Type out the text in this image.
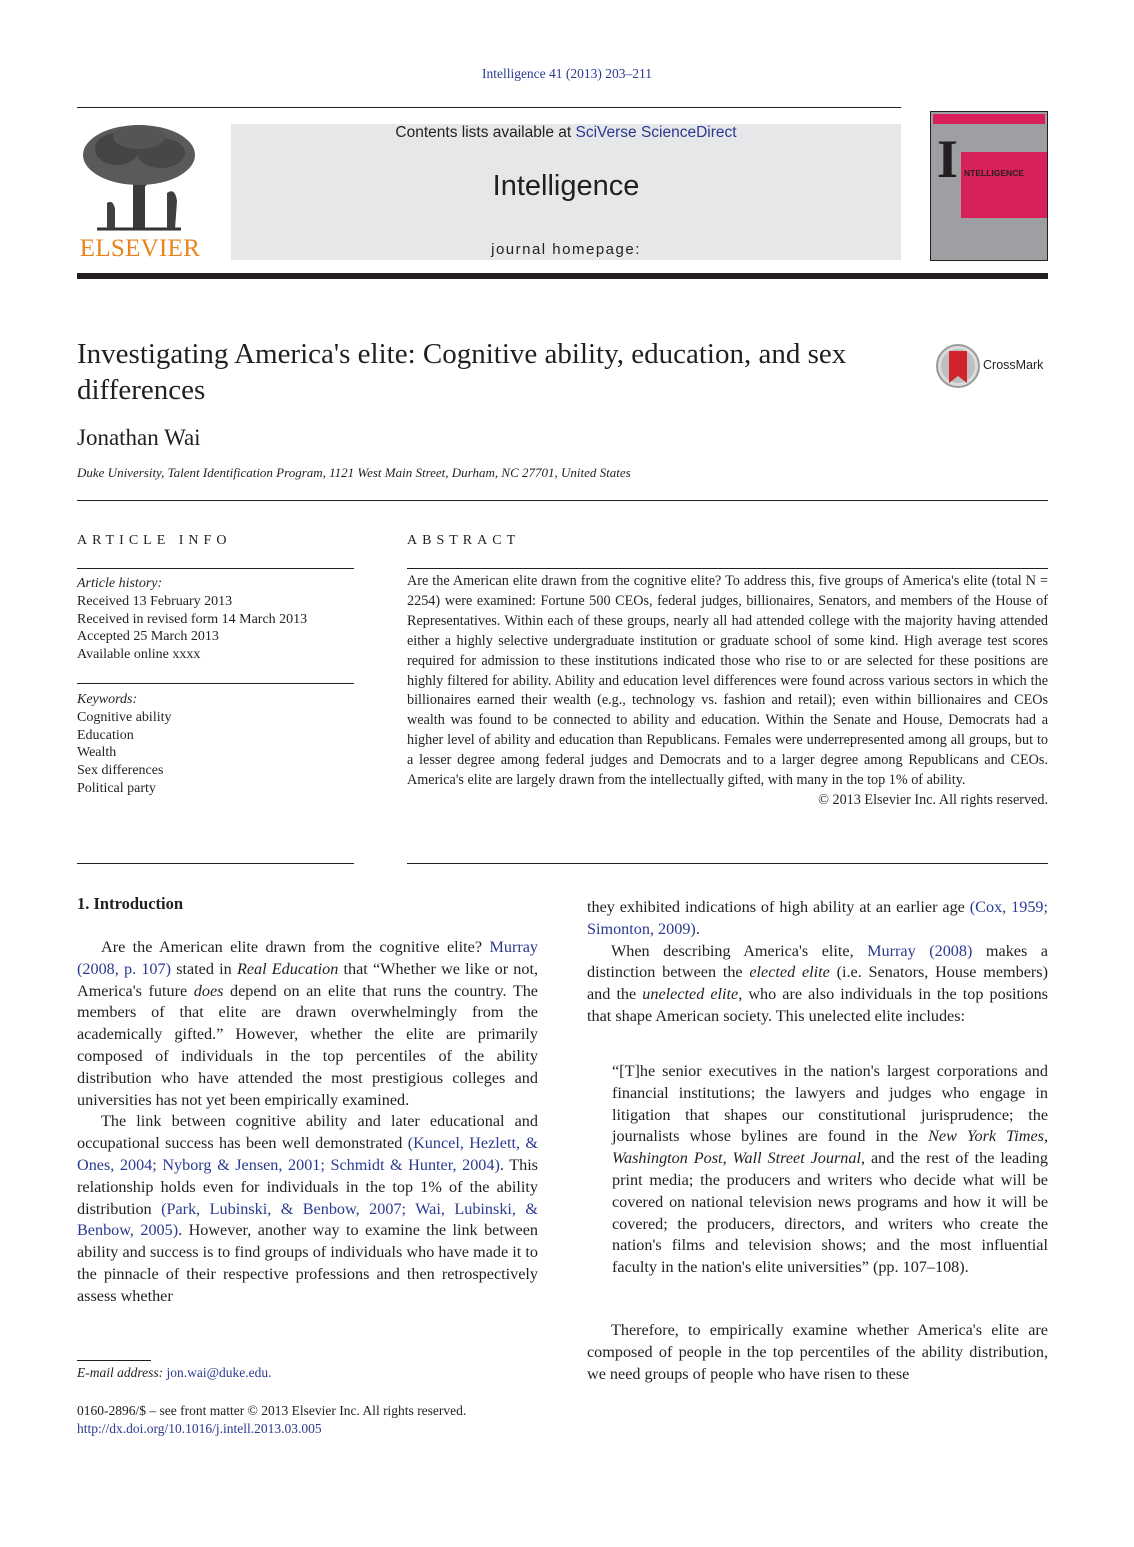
Intelligence 41 (2013) 203–211
ELSEVIER
Contents lists available at SciVerse ScienceDirect
Intelligence
journal homepage:
I NTELLIGENCE
Investigating America's elite: Cognitive ability, education, and sex differences
CrossMark
Jonathan Wai
Duke University, Talent Identification Program, 1121 West Main Street, Durham, NC 27701, United States
ARTICLE INFO
Article history:
Received 13 February 2013
Received in revised form 14 March 2013
Accepted 25 March 2013
Available online xxxx
Keywords:
Cognitive ability
Education
Wealth
Sex differences
Political party
ABSTRACT
Are the American elite drawn from the cognitive elite? To address this, five groups of America's elite (total N = 2254) were examined: Fortune 500 CEOs, federal judges, billionaires, Senators, and members of the House of Representatives. Within each of these groups, nearly all had attended college with the majority having attended either a highly selective undergraduate institution or graduate school of some kind. High average test scores required for admission to these institutions indicated those who rise to or are selected for these positions are highly filtered for ability. Ability and education level differences were found across various sectors in which the billionaires earned their wealth (e.g., technology vs. fashion and retail); even within billionaires and CEOs wealth was found to be connected to ability and education. Within the Senate and House, Democrats had a higher level of ability and education than Republicans. Females were underrepresented among all groups, but to a lesser degree among federal judges and Democrats and to a larger degree among Republicans and CEOs. America's elite are largely drawn from the intellectually gifted, with many in the top 1% of ability.
© 2013 Elsevier Inc. All rights reserved.
1. Introduction

Are the American elite drawn from the cognitive elite? Murray (2008, p. 107) stated in Real Education that “Whether we like or not, America's future does depend on an elite that runs the country. The members of that elite are drawn overwhelmingly from the academically gifted.” However, whether the elite are primarily composed of individuals in the top percentiles of the ability distribution who have attended the most prestigious colleges and universities has not yet been empirically examined.

The link between cognitive ability and later educational and occupational success has been well demonstrated (Kuncel, Hezlett, & Ones, 2004; Nyborg & Jensen, 2001; Schmidt & Hunter, 2004). This relationship holds even for individuals in the top 1% of the ability distribution (Park, Lubinski, & Benbow, 2007; Wai, Lubinski, & Benbow, 2005). However, another way to examine the link between ability and success is to find groups of individuals who have made it to the pinnacle of their respective professions and then retrospectively assess whether

they exhibited indications of high ability at an earlier age (Cox, 1959; Simonton, 2009).

When describing America's elite, Murray (2008) makes a distinction between the elected elite (i.e. Senators, House members) and the unelected elite, who are also individuals in the top positions that shape American society. This unelected elite includes:

“[T]he senior executives in the nation's largest corporations and financial institutions; the lawyers and judges who engage in litigation that shapes our constitutional jurisprudence; the journalists whose bylines are found in the New York Times, Washington Post, Wall Street Journal, and the rest of the leading print media; the producers and writers who decide what will be covered on national television news programs and how it will be covered; the producers, directors, and writers who create the nation's films and television shows; and the most influential faculty in the nation's elite universities” (pp. 107–108).

Therefore, to empirically examine whether America's elite are composed of people in the top percentiles of the ability distribution, we need groups of people who have risen to these

E-mail address: jon.wai@duke.edu.
0160-2896/$ – see front matter © 2013 Elsevier Inc. All rights reserved.
http://dx.doi.org/10.1016/j.intell.2013.03.005
